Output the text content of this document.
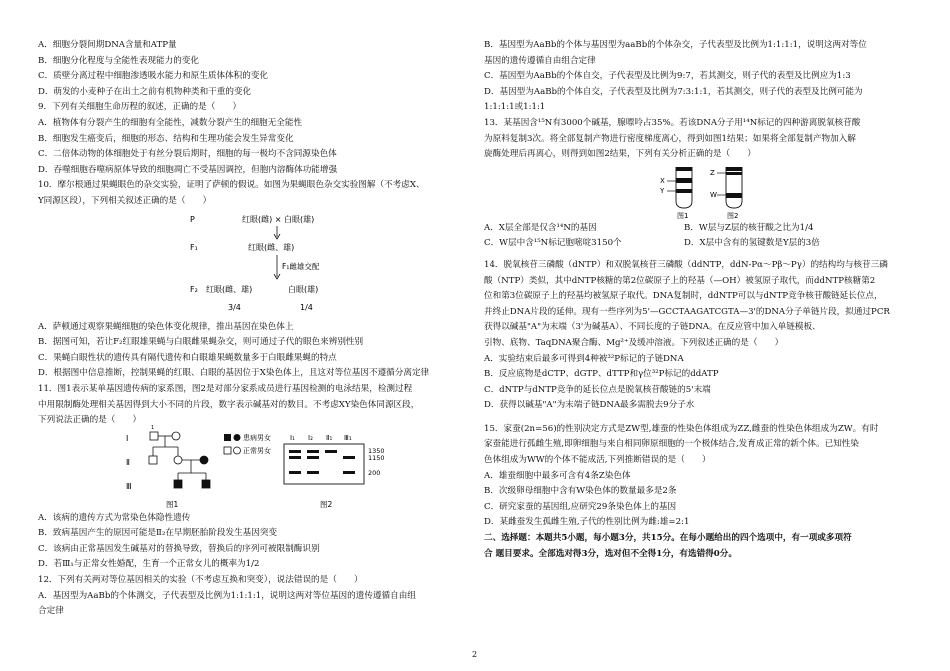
A．细胞分裂间期DNA含量和ATP量
B．细胞分化程度与全能性表现能力的变化
C．质壁分离过程中细胞渗透吸水能力和原生质体体积的变化
D．萌发的小麦种子在出土之前有机物种类和干重的变化
9．下列有关细胞生命历程的叙述，正确的是（　　）
A．植物体有分裂产生的细胞有全能性，减数分裂产生的细胞无全能性
B．细胞发生癌变后，细胞的形态、结构和生理功能会发生异常变化
C．二倍体动物的体细胞处于有丝分裂后期时，细胞的每一极均不含同源染色体
D．吞噬细胞吞噬病原体导致的细胞凋亡不受基因调控，但胞内溶酶体功能增强
10．摩尔根通过果蝇眼色的杂交实验，证明了萨顿的假说。如图为果蝇眼色杂交实验图解（不考虑X、
Y同源区段），下列相关叙述正确的是（　　）
P	红眼(雌) × 白眼(雄)
F₁	红眼(雌、雄)
F₁雌雄交配
F₂ 红眼(雌、雄)	白眼(雄)
3/4	1/4
A．萨顿通过观察果蝇细胞的染色体变化规律，推出基因在染色体上
B．据图可知，若让F₂红眼雄果蝇与白眼雌果蝇杂交，则可通过子代的眼色来辨别性别
C．果蝇白眼性状的遗传具有隔代遗传和白眼雄果蝇数量多于白眼雌果蝇的特点
D．根据图中信息推断，控制果蝇的红眼、白眼的基因位于X染色体上，且这对等位基因不遵循分离定律
11．图1表示某单基因遗传病的家系图，图2是对部分家系成员进行基因检测的电泳结果，检测过程
中用限制酶处理相关基因得到大小不同的片段，数字表示碱基对的数目。不考虑XY染色体同源区段，
下列说法正确的是（　　）
Ⅰ
Ⅱ
Ⅲ
1
患病男女
正常男女
图1
Ⅰ₁ Ⅰ₂ Ⅱ₁ Ⅲ₁
1350
1150
200
图2
A．该病的遗传方式为常染色体隐性遗传
B．致病基因产生的原因可能是Ⅱ₂在早期胚胎阶段发生基因突变
C．该病由正常基因发生碱基对的替换导致，替换后的序列可被限制酶识别
D．若Ⅲ₁与正常女性婚配，生育一个正常女儿的概率为1/2
12．下列有关两对等位基因相关的实验（不考虑互换和突变），说法错误的是（　　）
A．基因型为AaBb的个体测交，子代表型及比例为1:1:1:1，说明这两对等位基因的遗传遵循自由组
合定律
B．基因型为AaBb的个体与基因型为aaBb的个体杂交，子代表型及比例为1:1:1:1，说明这两对等位
基因的遗传遵循自由组合定律
C．基因型为AaBb的个体自交，子代表型及比例为9:7，若其测交，则子代的表型及比例应为1:3
D．基因型为AaBb的个体自交，子代表型及比例为7:3:1:1，若其测交，则子代的表型及比例可能为
1:1:1:1或1:1:1
13．某基因含¹⁵N有3000个碱基，腺嘌呤占35%。若该DNA分子用¹⁴N标记的四种游离脱氧核苷酸
为原料复制3次。将全部复制产物进行密度梯度离心，得到如图1结果；如果将全部复制产物加入解
旋酶处理后再离心，则得到如图2结果，下列有关分析正确的是（　　）
X
Y
图1
Z
W
图2
A．X层全部是仅含¹⁴N的基因	B．W层与Z层的核苷酸之比为1/4
C．W层中含¹⁵N标记胞嘧啶3150个	D．X层中含有的氢键数是Y层的3倍
14．脱氧核苷三磷酸（dNTP）和双脱氧核苷三磷酸（ddNTP，ddN-Pα～Pβ～Pγ）的结构均与核苷三磷
酸（NTP）类似，其中dNTP核糖的第2位碳原子上的羟基（—OH）被氢原子取代，而ddNTP核糖第2
位和第3位碳原子上的羟基均被氢原子取代。DNA复制时，ddNTP可以与dNTP竞争核苷酸链延长位点，
并终止DNA片段的延伸。现有一些序列为5'—GCCTAAGATCGTA—3'的DNA分子单链片段，拟通过PCR
获得以碱基"A"为末端（3'为碱基A）、不同长度的子链DNA。在反应管中加入单链模板、
引物、底物、TaqDNA聚合酶、Mg²⁺及缓冲溶液。下列叙述正确的是（　　）
A．实验结束后最多可得到4种被³²P标记的子链DNA
B．反应底物是dCTP、dGTP、dTTP和γ位³²P标记的ddATP
C．dNTP与dNTP竞争的延长位点是脱氧核苷酸链的5'末端
D．获得以碱基"A"为末端子链DNA最多需脱去9分子水
15．家蚕(2n=56)的性别决定方式是ZW型,雄蚕的性染色体组成为ZZ,雌蚕的性染色体组成为ZW。有时
家蚕能进行孤雌生殖,即卵细胞与来自相同卵原细胞的一个极体结合,发育成正常的新个体。已知性染
色体组成为WW的个体不能成活,下列推断错误的是（　　）
A．雄蚕细胞中最多可含有4条Z染色体
B．次级卵母细胞中含有W染色体的数量最多是2条
C．研究家蚕的基因组,应研究29条染色体上的基因
D．某雌蚕发生孤雌生殖,子代的性别比例为雌:雄=2:1
二、选择题：本题共5小题，每小题3分，共15分。在每小题给出的四个选项中，有一项或多项符
合 题目要求。全部选对得3分，选对但不全得1分，有选错得0分。
2
